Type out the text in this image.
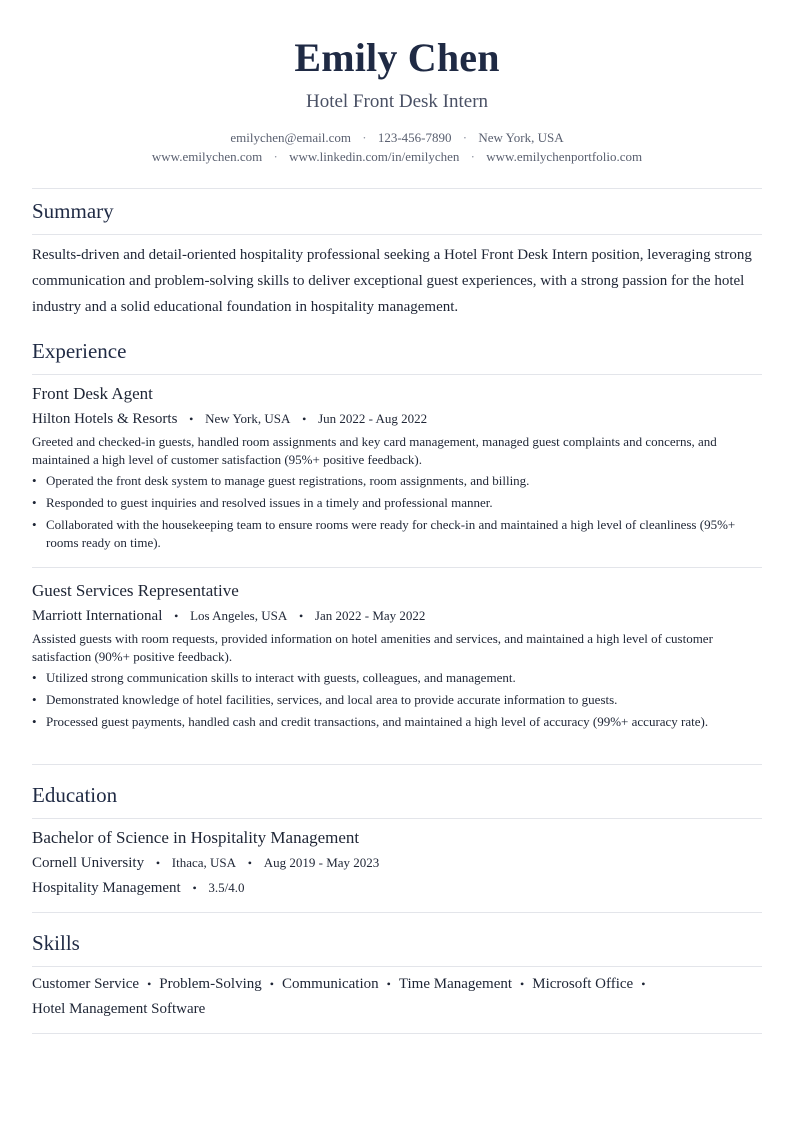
Emily Chen
Hotel Front Desk Intern
emilychen@email.com · 123-456-7890 · New York, USA
www.emilychen.com · www.linkedin.com/in/emilychen · www.emilychenportfolio.com
Summary
Results-driven and detail-oriented hospitality professional seeking a Hotel Front Desk Intern position, leveraging strong communication and problem-solving skills to deliver exceptional guest experiences, with a strong passion for the hotel industry and a solid educational foundation in hospitality management.
Experience
Front Desk Agent
Hilton Hotels & Resorts • New York, USA • Jun 2022 - Aug 2022
Greeted and checked-in guests, handled room assignments and key card management, managed guest complaints and concerns, and maintained a high level of customer satisfaction (95%+ positive feedback).
• Operated the front desk system to manage guest registrations, room assignments, and billing.
• Responded to guest inquiries and resolved issues in a timely and professional manner.
• Collaborated with the housekeeping team to ensure rooms were ready for check-in and maintained a high level of cleanliness (95%+ rooms ready on time).
Guest Services Representative
Marriott International • Los Angeles, USA • Jan 2022 - May 2022
Assisted guests with room requests, provided information on hotel amenities and services, and maintained a high level of customer satisfaction (90%+ positive feedback).
• Utilized strong communication skills to interact with guests, colleagues, and management.
• Demonstrated knowledge of hotel facilities, services, and local area to provide accurate information to guests.
• Processed guest payments, handled cash and credit transactions, and maintained a high level of accuracy (99%+ accuracy rate).
Education
Bachelor of Science in Hospitality Management
Cornell University • Ithaca, USA • Aug 2019 - May 2023
Hospitality Management • 3.5/4.0
Skills
Customer Service • Problem-Solving • Communication • Time Management • Microsoft Office •
Hotel Management Software
